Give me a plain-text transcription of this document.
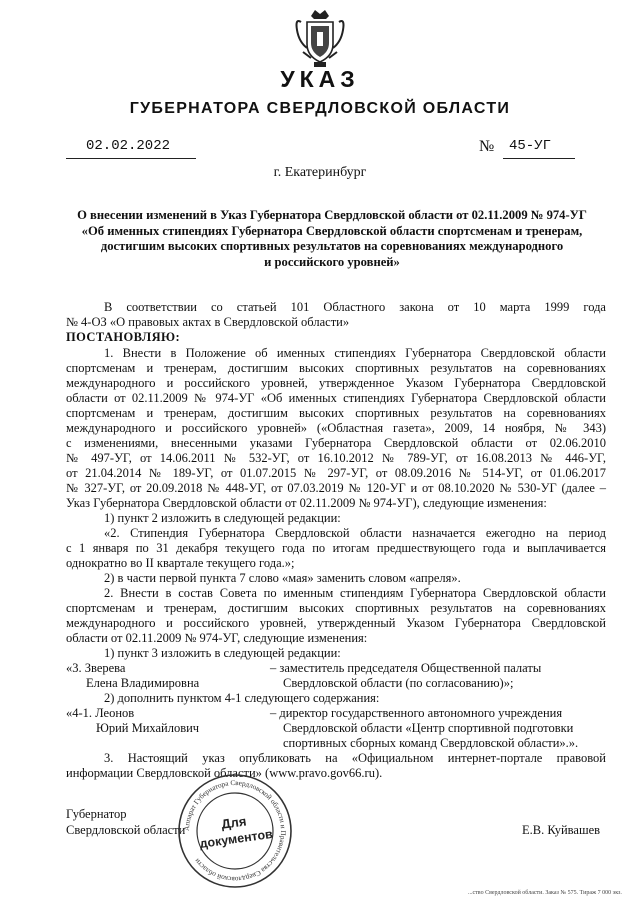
УКАЗ
ГУБЕРНАТОРА СВЕРДЛОВСКОЙ ОБЛАСТИ
02.02.2022	№ 45-УГ
г. Екатеринбург
О внесении изменений в Указ Губернатора Свердловской области от 02.11.2009 № 974-УГ
«Об именных стипендиях Губернатора Свердловской области спортсменам и тренерам,
достигшим высоких спортивных результатов на соревнованиях международного
и российского уровней»
В соответствии со статьей 101 Областного закона от 10 марта 1999 года
№ 4-ОЗ «О правовых актах в Свердловской области»
ПОСТАНОВЛЯЮ:
1. Внести в Положение об именных стипендиях Губернатора Свердловской области
спортсменам и тренерам, достигшим высоких спортивных результатов на соревнованиях
международного и российского уровней, утвержденное Указом Губернатора Свердловской
области от 02.11.2009 № 974-УГ «Об именных стипендиях Губернатора Свердловской области
спортсменам и тренерам, достигшим высоких спортивных результатов на соревнованиях
международного и российского уровней» («Областная газета», 2009, 14 ноября, № 343)
с изменениями, внесенными указами Губернатора Свердловской области от 02.06.2010
№ 497-УГ, от 14.06.2011 № 532-УГ, от 16.10.2012 № 789-УГ, от 16.08.2013 № 446-УГ,
от 21.04.2014 № 189-УГ, от 01.07.2015 № 297-УГ, от 08.09.2016 № 514-УГ, от 01.06.2017
№ 327-УГ, от 20.09.2018 № 448-УГ, от 07.03.2019 № 120-УГ и от 08.10.2020 № 530-УГ (далее –
Указ Губернатора Свердловской области от 02.11.2009 № 974-УГ), следующие изменения:
1) пункт 2 изложить в следующей редакции:
«2. Стипендия Губернатора Свердловской области назначается ежегодно на период
с 1 января по 31 декабря текущего года по итогам предшествующего года и выплачивается
однократно во II квартале текущего года.»;
2) в части первой пункта 7 слово «мая» заменить словом «апреля».
2. Внести в состав Совета по именным стипендиям Губернатора Свердловской области
спортсменам и тренерам, достигшим высоких спортивных результатов на соревнованиях
международного и российского уровней, утвержденный Указом Губернатора Свердловской
области от 02.11.2009 № 974-УГ, следующие изменения:
1) пункт 3 изложить в следующей редакции:
«3. Зверева	– заместитель председателя Общественной палаты
Елена Владимировна	Свердловской области (по согласованию)»;
2) дополнить пунктом 4-1 следующего содержания:
«4-1. Леонов	– директор государственного автономного учреждения
Юрий Михайлович	Свердловской области «Центр спортивной подготовки
спортивных сборных команд Свердловской области».».
3. Настоящий указ опубликовать на «Официальном интернет-портале правовой
информации Свердловской области» (www.pravo.gov66.ru).
Губернатор
Свердловской области	Е.В. Куйвашев
Аппарат Губернатора Свердловской области и Правительства Свердловской области
Для
документов
...ство Свердловской области. Заказ № 575. Тираж 7 000 экз.
